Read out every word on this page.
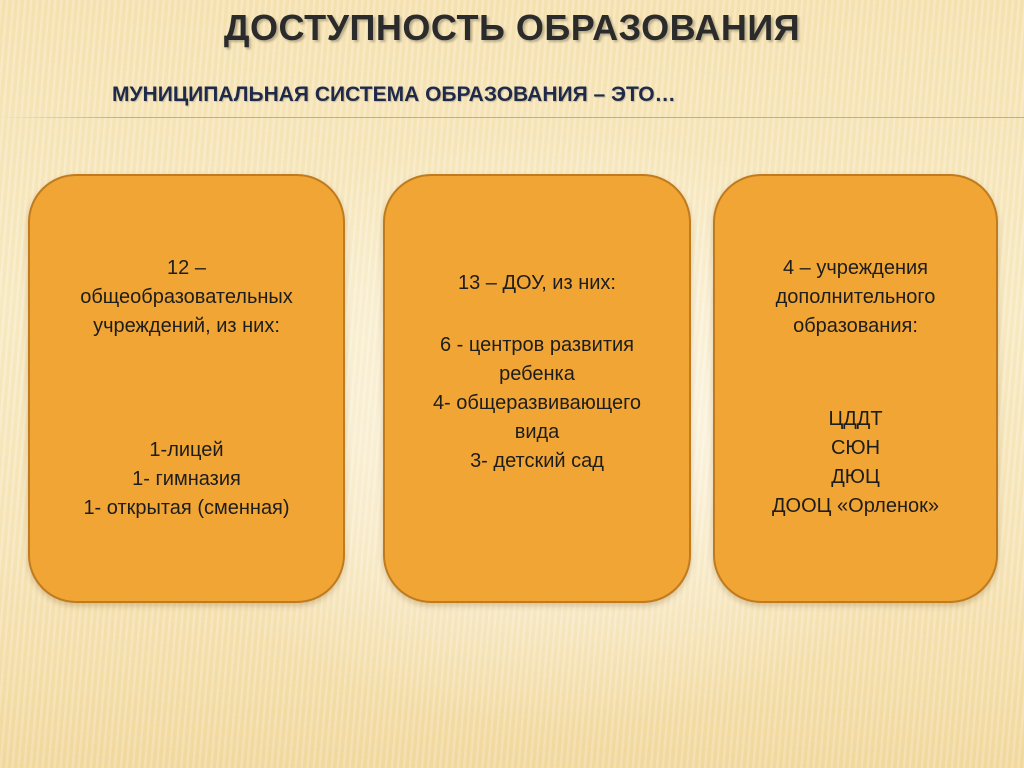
ДОСТУПНОСТЬ ОБРАЗОВАНИЯ
МУНИЦИПАЛЬНАЯ СИСТЕМА ОБРАЗОВАНИЯ – ЭТО…
12 –
общеобразовательных
учреждений, из них:
1-лицей
1- гимназия
1- открытая (сменная)
13 – ДОУ, из них:
6 - центров развития
ребенка
4- общеразвивающего
вида
3- детский сад
4 – учреждения
дополнительного
образования:
ЦДДТ
СЮН
ДЮЦ
ДООЦ «Орленок»
